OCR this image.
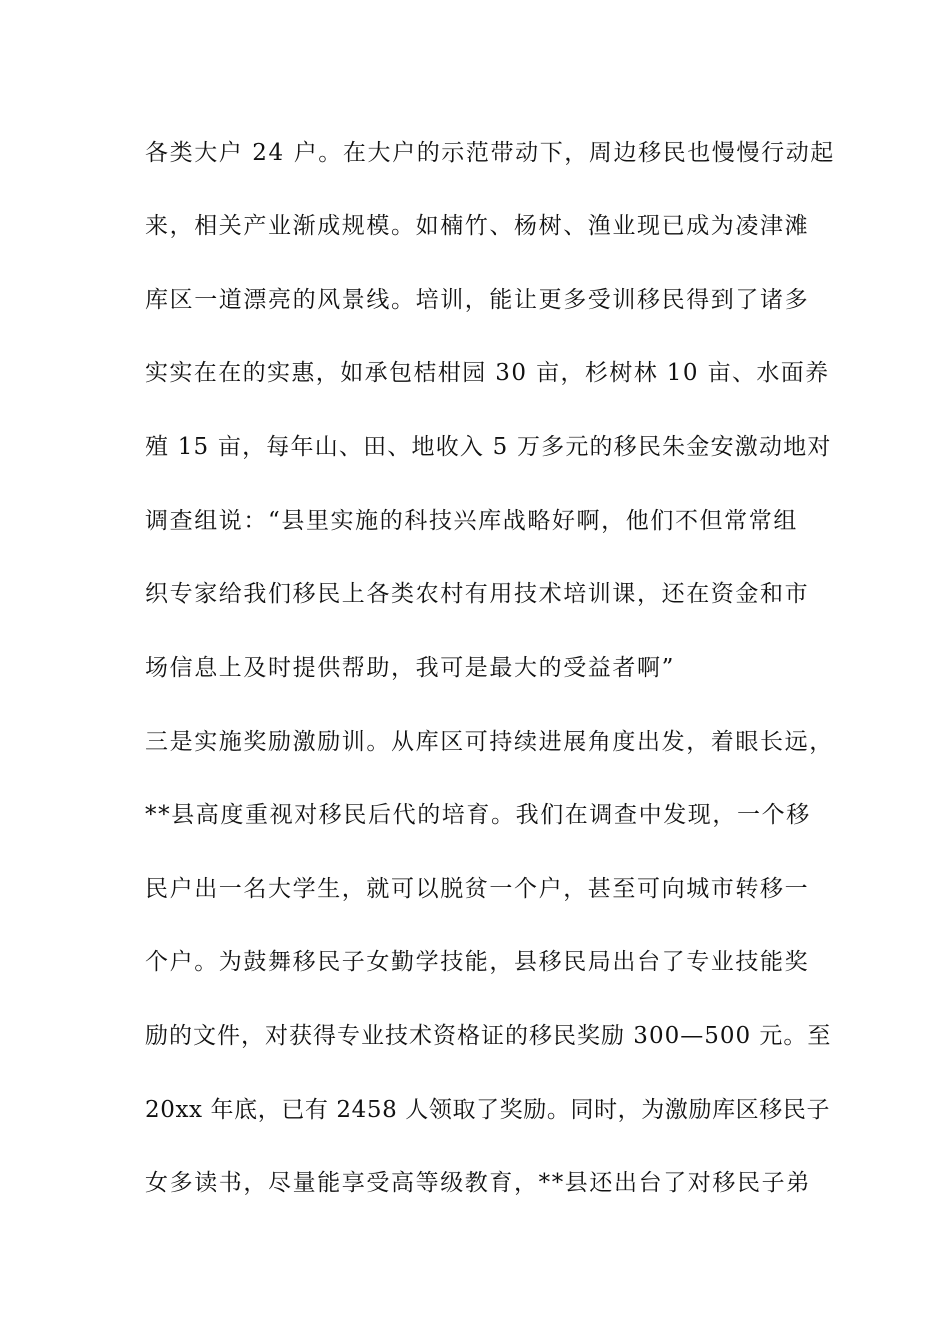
各类大户 24 户。在大户的示范带动下，周边移民也慢慢行动起
来，相关产业渐成规模。如楠竹、杨树、渔业现已成为凌津滩
库区一道漂亮的风景线。培训，能让更多受训移民得到了诸多
实实在在的实惠，如承包桔柑园 30 亩，杉树林 10 亩、水面养
殖 15 亩，每年山、田、地收入 5 万多元的移民朱金安激动地对
调查组说：“县里实施的科技兴库战略好啊，他们不但常常组
织专家给我们移民上各类农村有用技术培训课，还在资金和市
场信息上及时提供帮助，我可是最大的受益者啊”
三是实施奖励激励训。从库区可持续进展角度出发，着眼长远，
**县高度重视对移民后代的培育。我们在调查中发现，一个移
民户出一名大学生，就可以脱贫一个户，甚至可向城市转移一
个户。为鼓舞移民子女勤学技能，县移民局出台了专业技能奖
励的文件，对获得专业技术资格证的移民奖励 300—500 元。至
20xx 年底，已有 2458 人领取了奖励。同时，为激励库区移民子
女多读书，尽量能享受高等级教育，**县还出台了对移民子弟
